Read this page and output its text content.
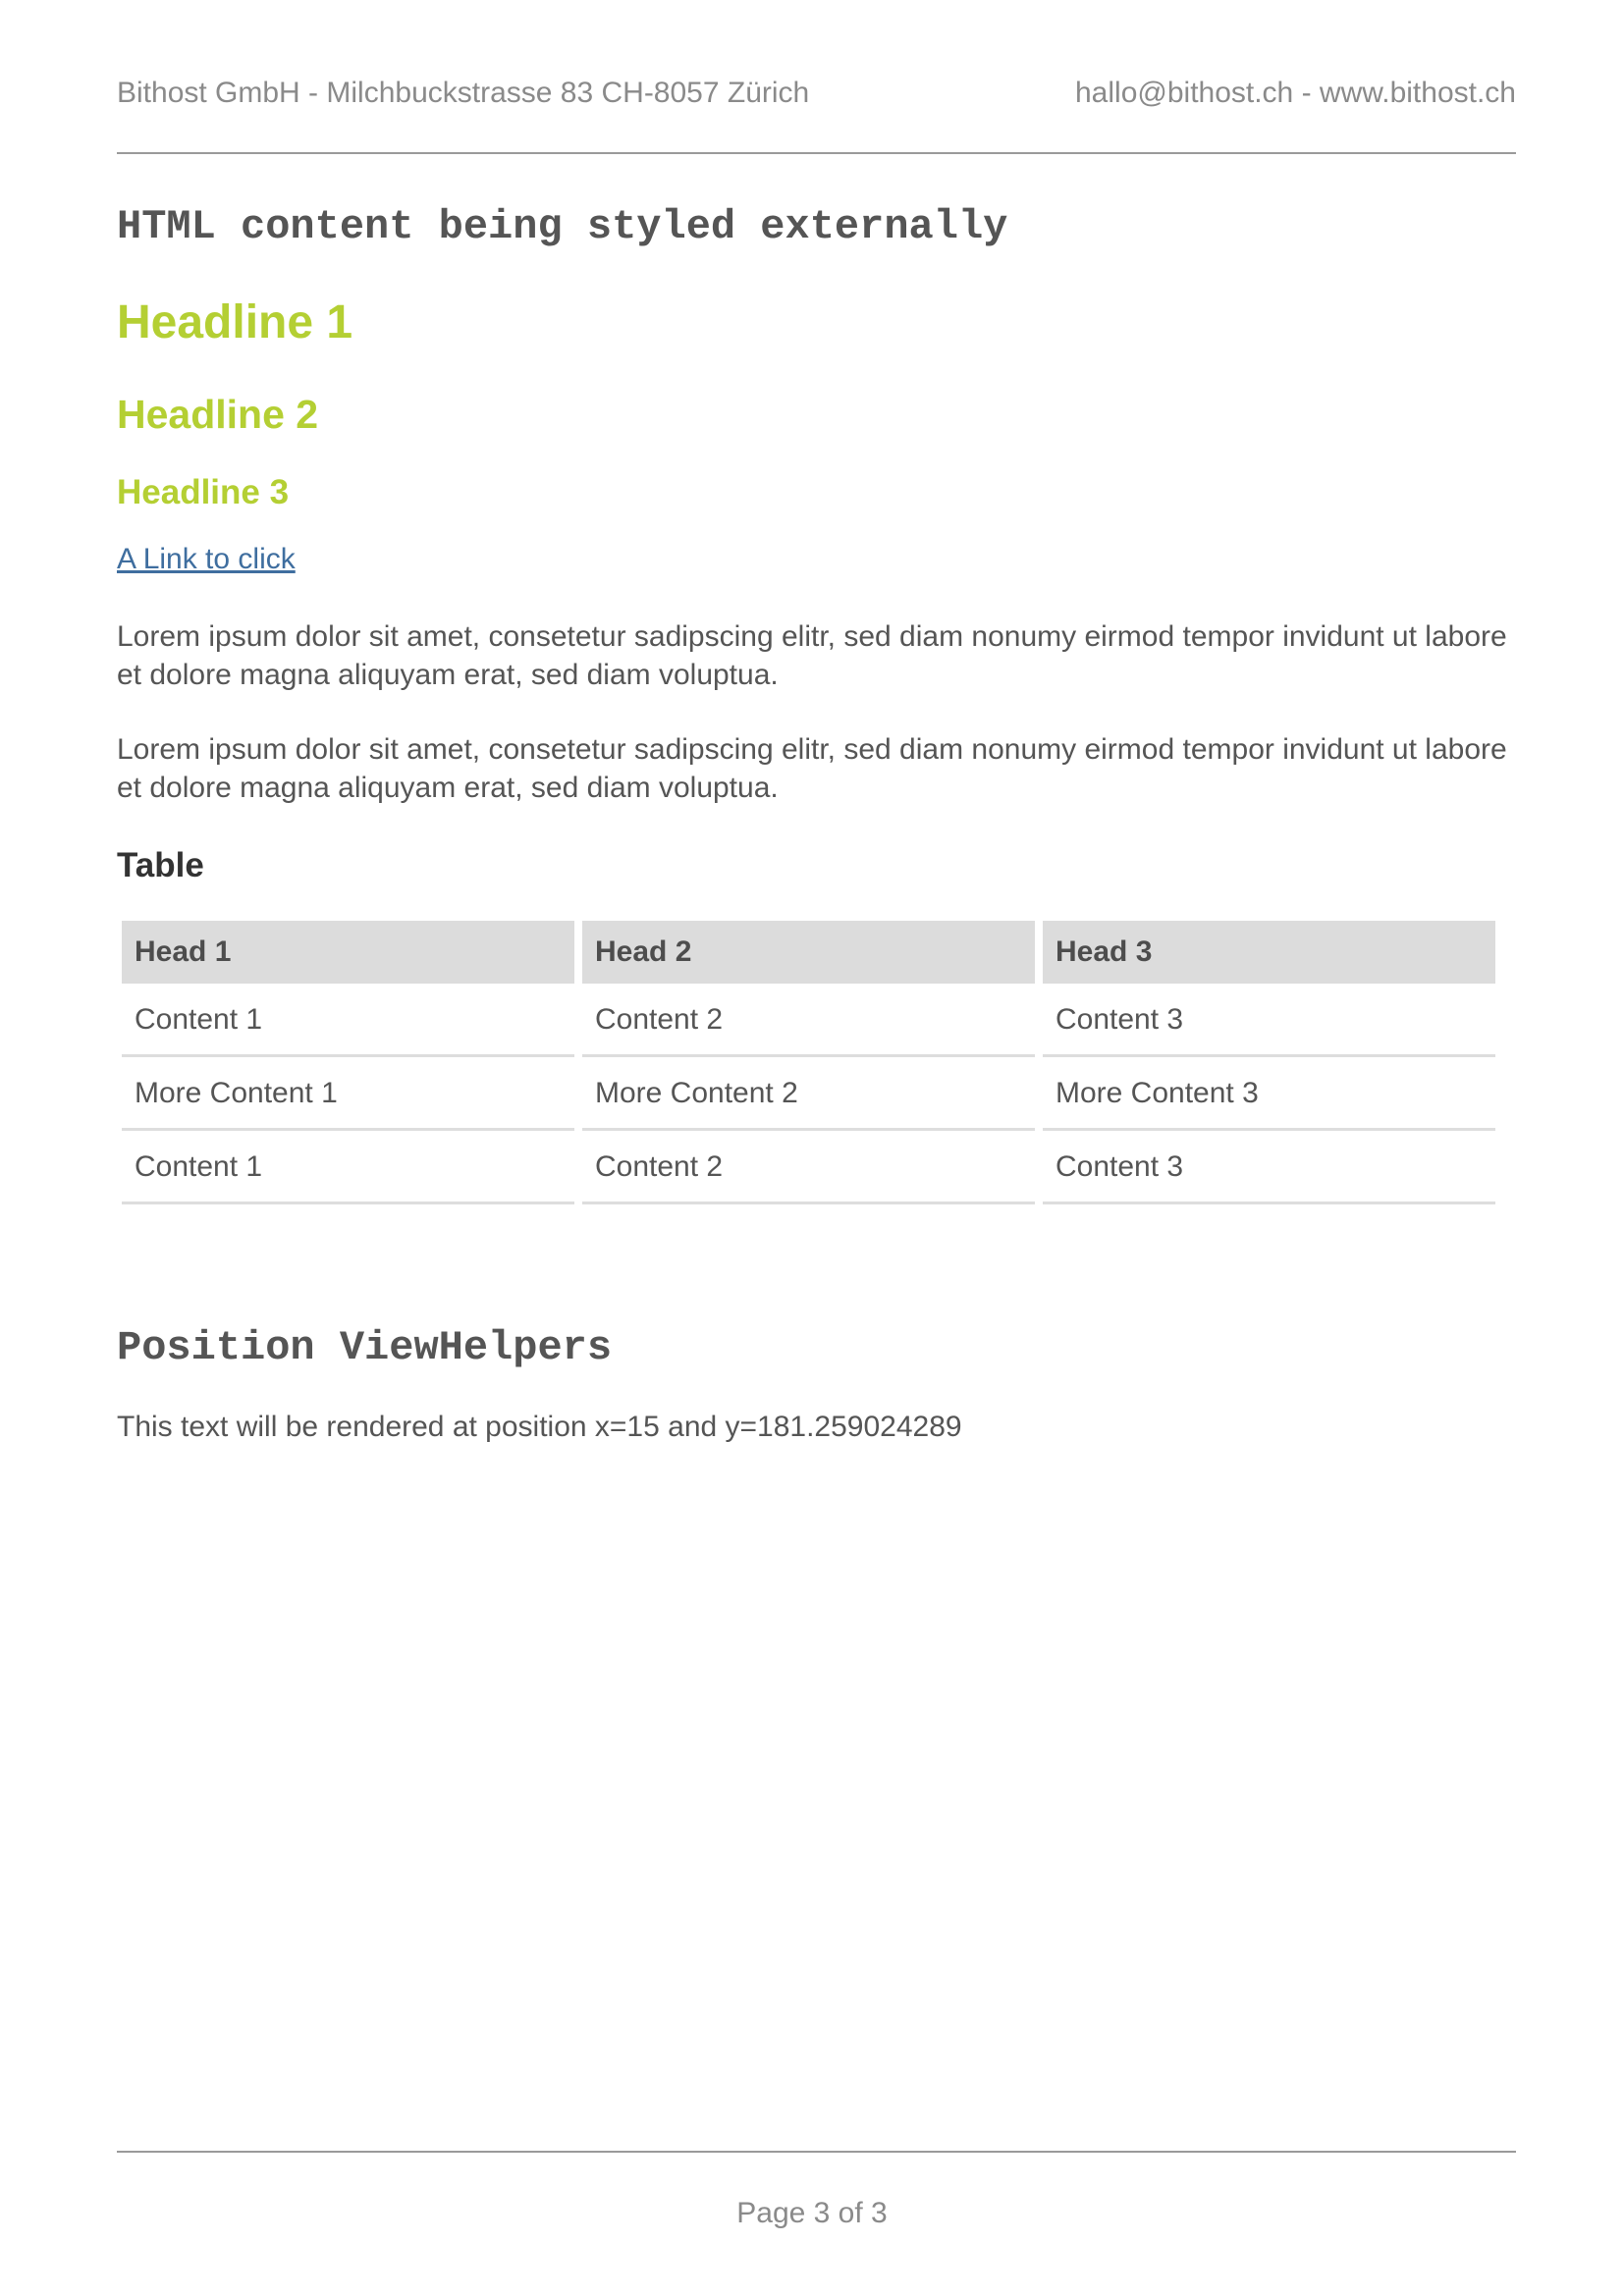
Bithost GmbH - Milchbuckstrasse 83 CH-8057 Zürich	hallo@bithost.ch - www.bithost.ch
HTML content being styled externally
Headline 1
Headline 2
Headline 3
A Link to click
Lorem ipsum dolor sit amet, consetetur sadipscing elitr, sed diam nonumy eirmod tempor invidunt ut labore et dolore magna aliquyam erat, sed diam voluptua.
Lorem ipsum dolor sit amet, consetetur sadipscing elitr, sed diam nonumy eirmod tempor invidunt ut labore et dolore magna aliquyam erat, sed diam voluptua.
Table
Head 1	Head 2	Head 3
Content 1	Content 2	Content 3
More Content 1	More Content 2	More Content 3
Content 1	Content 2	Content 3
Position ViewHelpers
This text will be rendered at position x=15 and y=181.259024289
Page 3 of 3
